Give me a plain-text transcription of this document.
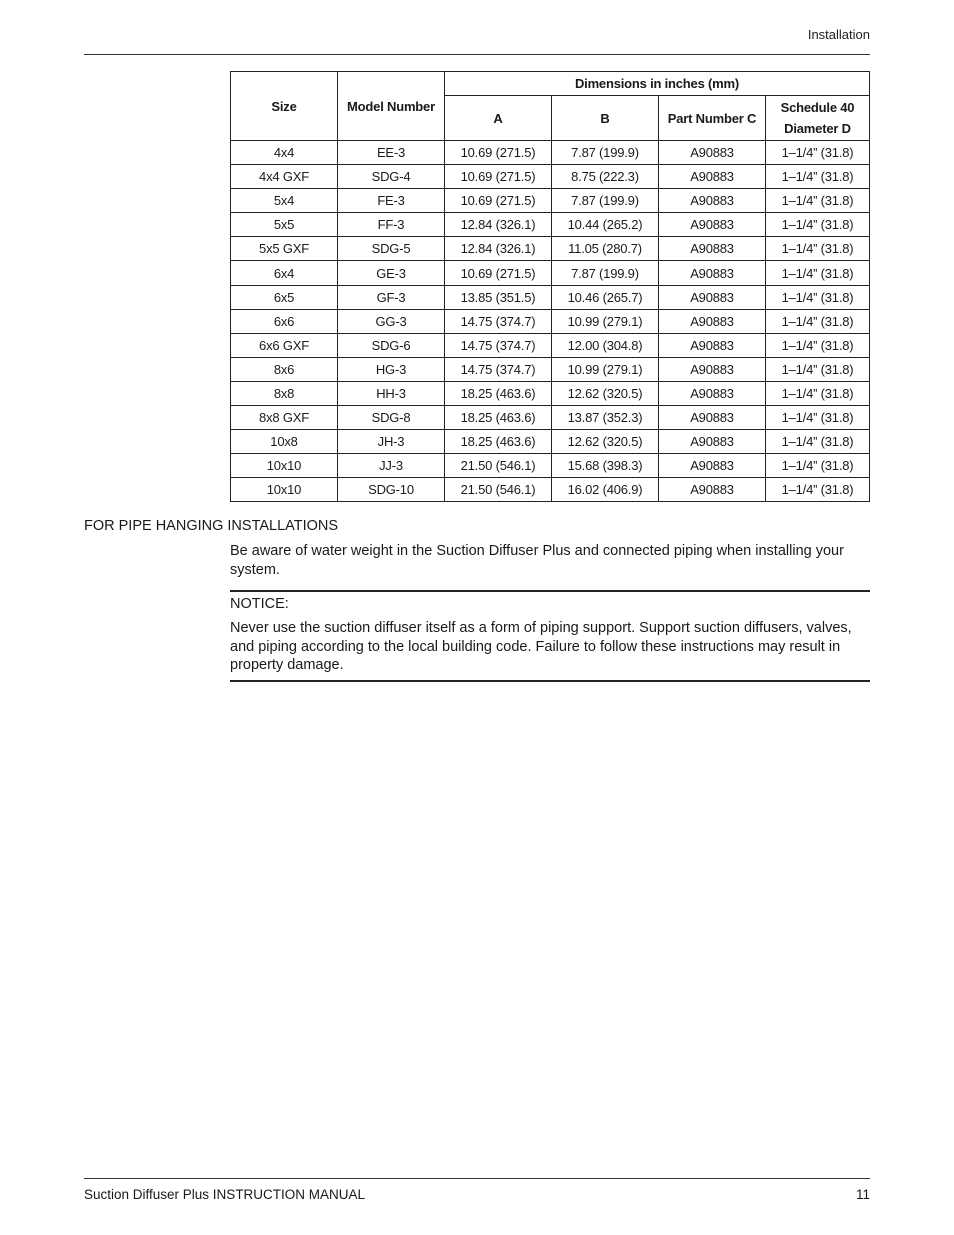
Installation
Size	Model Number	Dimensions in inches (mm)			
		A	B	Part Number C	Schedule 40
Diameter D
4x4	EE-3	10.69 (271.5)	7.87 (199.9)	A90883	1–1/4” (31.8)
4x4 GXF	SDG-4	10.69 (271.5)	8.75 (222.3)	A90883	1–1/4” (31.8)
5x4	FE-3	10.69 (271.5)	7.87 (199.9)	A90883	1–1/4” (31.8)
5x5	FF-3	12.84 (326.1)	10.44 (265.2)	A90883	1–1/4” (31.8)
5x5 GXF	SDG-5	12.84 (326.1)	11.05 (280.7)	A90883	1–1/4” (31.8)
6x4	GE-3	10.69 (271.5)	7.87 (199.9)	A90883	1–1/4” (31.8)
6x5	GF-3	13.85 (351.5)	10.46 (265.7)	A90883	1–1/4” (31.8)
6x6	GG-3	14.75 (374.7)	10.99 (279.1)	A90883	1–1/4” (31.8)
6x6 GXF	SDG-6	14.75 (374.7)	12.00 (304.8)	A90883	1–1/4” (31.8)
8x6	HG-3	14.75 (374.7)	10.99 (279.1)	A90883	1–1/4” (31.8)
8x8	HH-3	18.25 (463.6)	12.62 (320.5)	A90883	1–1/4” (31.8)
8x8 GXF	SDG-8	18.25 (463.6)	13.87 (352.3)	A90883	1–1/4” (31.8)
10x8	JH-3	18.25 (463.6)	12.62 (320.5)	A90883	1–1/4” (31.8)
10x10	JJ-3	21.50 (546.1)	15.68 (398.3)	A90883	1–1/4” (31.8)
10x10	SDG-10	21.50 (546.1)	16.02 (406.9)	A90883	1–1/4” (31.8)
FOR PIPE HANGING INSTALLATIONS
Be aware of water weight in the Suction Diffuser Plus and connected piping when installing your system.
NOTICE:
Never use the suction diffuser itself as a form of piping support. Support suction diffusers, valves, and piping according to the local building code. Failure to follow these instructions may result in property damage.
Suction Diffuser Plus INSTRUCTION MANUAL	11
